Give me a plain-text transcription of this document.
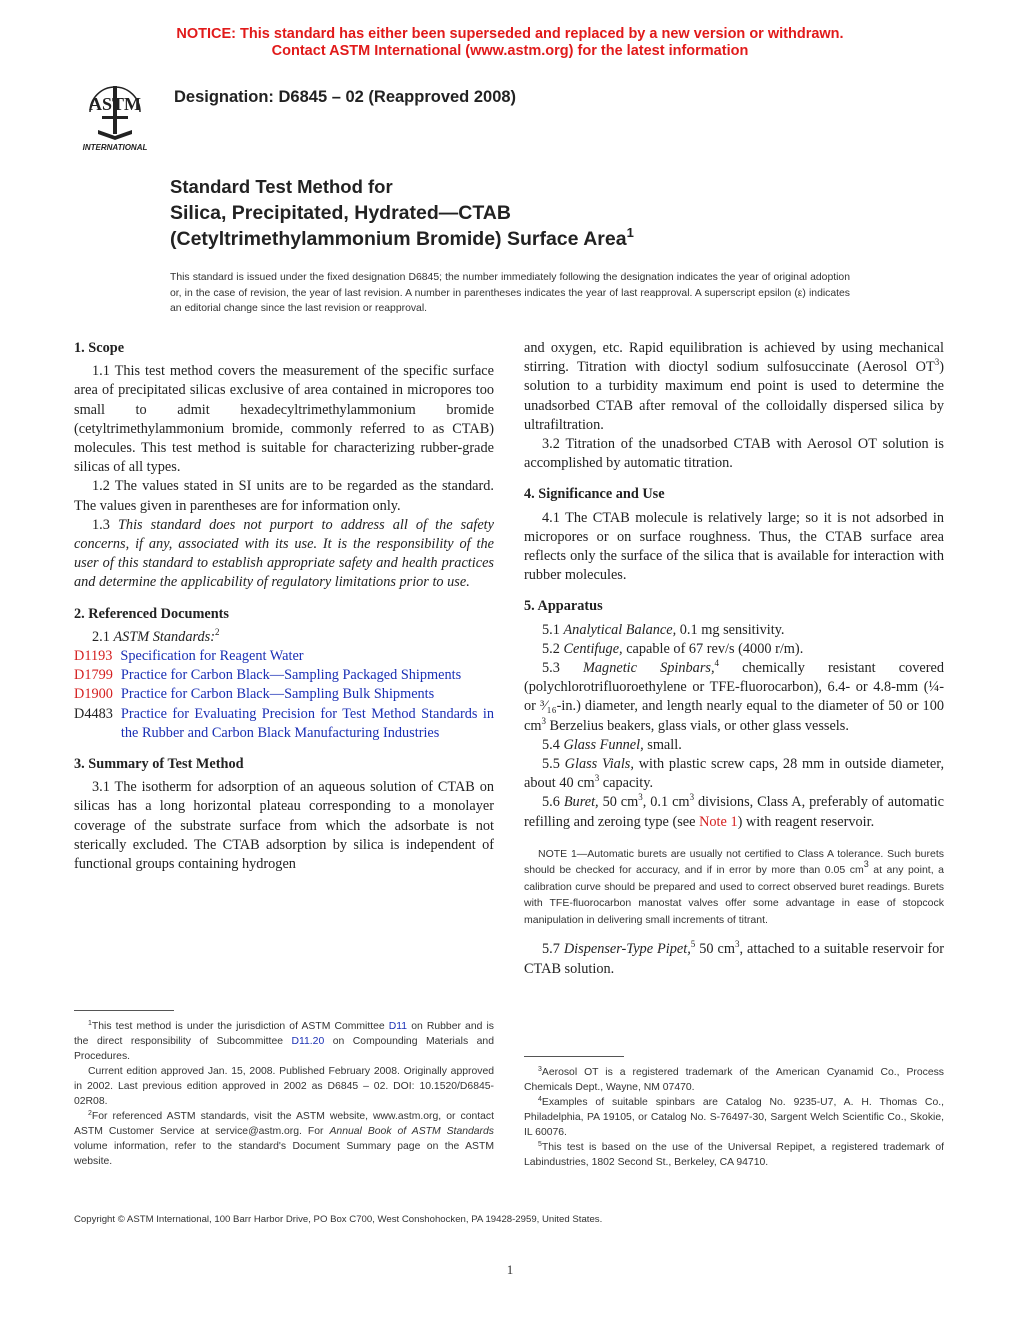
NOTICE: This standard has either been superseded and replaced by a new version or withdrawn.
Contact ASTM International (www.astm.org) for the latest information
ASTM
INTERNATIONAL
Designation: D6845 – 02 (Reapproved 2008)
Standard Test Method for
Silica, Precipitated, Hydrated—CTAB
(Cetyltrimethylammonium Bromide) Surface Area$^1$
This standard is issued under the fixed designation D6845; the number immediately following the designation indicates the year of original adoption or, in the case of revision, the year of last revision. A number in parentheses indicates the year of last reapproval. A superscript epsilon (ε) indicates an editorial change since the last revision or reapproval.

1. Scope

1.1 This test method covers the measurement of the specific surface area of precipitated silicas exclusive of area contained in micropores too small to admit hexadecyltrimethylammonium bromide (cetyltrimethylammonium bromide, commonly referred to as CTAB) molecules. This test method is suitable for characterizing rubber-grade silicas of all types.

1.2 The values stated in SI units are to be regarded as the standard. The values given in parentheses are for information only.

1.3 This standard does not purport to address all of the safety concerns, if any, associated with its use. It is the responsibility of the user of this standard to establish appropriate safety and health practices and determine the applicability of regulatory limitations prior to use.

2. Referenced Documents

2.1 ASTM Standards:$^2$

D1193 Specification for Reagent Water
D1799 Practice for Carbon Black—Sampling Packaged Shipments
D1900 Practice for Carbon Black—Sampling Bulk Shipments
D4483 Practice for Evaluating Precision for Test Method Standards in the Rubber and Carbon Black Manufacturing Industries

3. Summary of Test Method

3.1 The isotherm for adsorption of an aqueous solution of CTAB on silicas has a long horizontal plateau corresponding to a monolayer coverage of the substrate surface from which the adsorbate is not sterically excluded. The CTAB adsorption by silica is independent of functional groups containing hydrogen

$^1$This test method is under the jurisdiction of ASTM Committee D11 on Rubber and is the direct responsibility of Subcommittee D11.20 on Compounding Materials and Procedures.

Current edition approved Jan. 15, 2008. Published February 2008. Originally approved in 2002. Last previous edition approved in 2002 as D6845 – 02. DOI: 10.1520/D6845-02R08.

$^2$For referenced ASTM standards, visit the ASTM website, www.astm.org, or contact ASTM Customer Service at service@astm.org. For Annual Book of ASTM Standards volume information, refer to the standard's Document Summary page on the ASTM website.

and oxygen, etc. Rapid equilibration is achieved by using mechanical stirring. Titration with dioctyl sodium sulfosuccinate (Aerosol $OT^3$) solution to a turbidity maximum end point is used to determine the unadsorbed CTAB after removal of the colloidally dispersed silica by ultrafiltration.

3.2 Titration of the unadsorbed CTAB with Aerosol OT solution is accomplished by automatic titration.

4. Significance and Use

4.1 The CTAB molecule is relatively large; so it is not adsorbed in micropores or on surface roughness. Thus, the CTAB surface area reflects only the surface of the silica that is available for interaction with rubber molecules.

5. Apparatus

5.1 Analytical Balance, 0.1 mg sensitivity.

5.2 Centifuge, capable of 67 rev/s (4000 r/m).

5.3 Magnetic Spinbars,$^4$ chemically resistant covered (polychlorotrifluoroethylene or TFE-fluorocarbon), 6.4- or 4.8-mm (¼- or ³⁄₁₆-in.) diameter, and length nearly equal to the diameter of 50 or 100 $cm^3$ Berzelius beakers, glass vials, or other glass vessels.

5.4 Glass Funnel, small.

5.5 Glass Vials, with plastic screw caps, 28 mm in outside diameter, about 40 $cm^3$ capacity.

5.6 Buret, 50 $cm^3$, 0.1 $cm^3$ divisions, Class A, preferably of automatic refilling and zeroing type (see Note 1) with reagent reservoir.

NOTE 1—Automatic burets are usually not certified to Class A tolerance. Such burets should be checked for accuracy, and if in error by more than 0.05 $cm^3$ at any point, a calibration curve should be prepared and used to correct observed buret readings. Burets with TFE-fluorocarbon manostat valves offer some advantage in ease of stopcock manipulation in delivering small increments of titrant.

5.7 Dispenser-Type Pipet,$^5$ 50 $cm^3$, attached to a suitable reservoir for CTAB solution.

$^3$Aerosol OT is a registered trademark of the American Cyanamid Co., Process Chemicals Dept., Wayne, NM 07470.

$^4$Examples of suitable spinbars are Catalog No. 9235-U7, A. H. Thomas Co., Philadelphia, PA 19105, or Catalog No. S-76497-30, Sargent Welch Scientific Co., Skokie, IL 60076.

$^5$This test is based on the use of the Universal Repipet, a registered trademark of Labindustries, 1802 Second St., Berkeley, CA 94710.

Copyright © ASTM International, 100 Barr Harbor Drive, PO Box C700, West Conshohocken, PA 19428-2959, United States.
1
